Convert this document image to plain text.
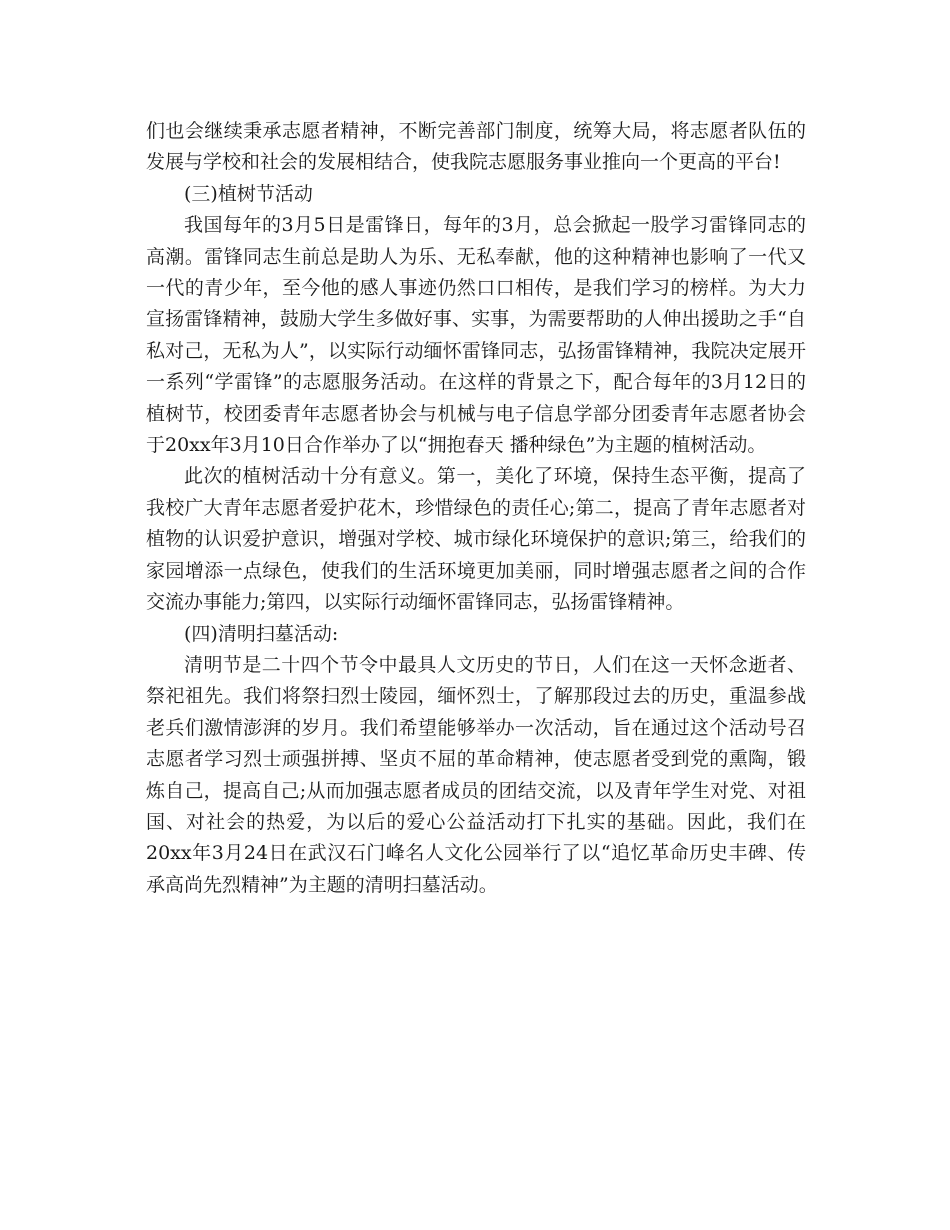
们也会继续秉承志愿者精神，不断完善部门制度，统筹大局，将志愿者队伍的发展与学校和社会的发展相结合，使我院志愿服务事业推向一个更高的平台!

(三)植树节活动

我国每年的3月5日是雷锋日，每年的3月，总会掀起一股学习雷锋同志的高潮。雷锋同志生前总是助人为乐、无私奉献，他的这种精神也影响了一代又一代的青少年，至今他的感人事迹仍然口口相传，是我们学习的榜样。为大力宣扬雷锋精神，鼓励大学生多做好事、实事，为需要帮助的人伸出援助之手“自私对己，无私为人”，以实际行动缅怀雷锋同志，弘扬雷锋精神，我院决定展开一系列“学雷锋”的志愿服务活动。在这样的背景之下，配合每年的3月12日的植树节，校团委青年志愿者协会与机械与电子信息学部分团委青年志愿者协会于20xx年3月10日合作举办了以“拥抱春天 播种绿色”为主题的植树活动。

此次的植树活动十分有意义。第一，美化了环境，保持生态平衡，提高了我校广大青年志愿者爱护花木，珍惜绿色的责任心;第二，提高了青年志愿者对植物的认识爱护意识，增强对学校、城市绿化环境保护的意识;第三，给我们的家园增添一点绿色，使我们的生活环境更加美丽，同时增强志愿者之间的合作交流办事能力;第四，以实际行动缅怀雷锋同志，弘扬雷锋精神。

(四)清明扫墓活动:

清明节是二十四个节令中最具人文历史的节日，人们在这一天怀念逝者、祭祀祖先。我们将祭扫烈士陵园，缅怀烈士，了解那段过去的历史，重温参战老兵们激情澎湃的岁月。我们希望能够举办一次活动，旨在通过这个活动号召志愿者学习烈士顽强拼搏、坚贞不屈的革命精神，使志愿者受到党的熏陶，锻炼自己，提高自己;从而加强志愿者成员的团结交流，以及青年学生对党、对祖国、对社会的热爱，为以后的爱心公益活动打下扎实的基础。因此，我们在20xx年3月24日在武汉石门峰名人文化公园举行了以“追忆革命历史丰碑、传承高尚先烈精神”为主题的清明扫墓活动。
